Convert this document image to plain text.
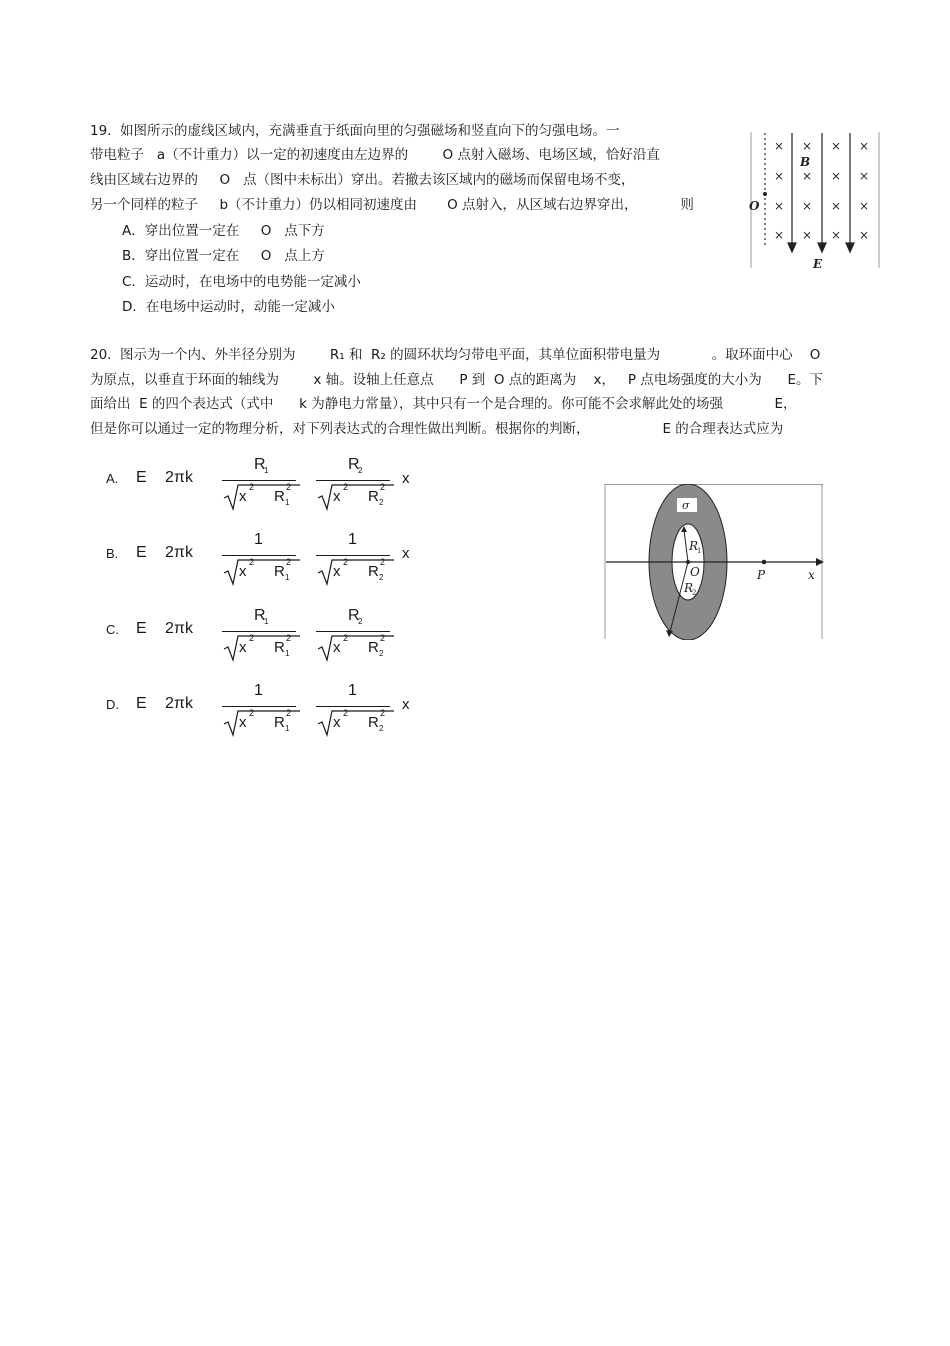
19.  如图所示的虚线区域内，充满垂直于纸面向里的匀强磁场和竖直向下的匀强电场。一
带电粒子   a（不计重力）以一定的初速度由左边界的        O 点射入磁场、电场区域，恰好沿直
线由区域右边界的     O   点（图中未标出）穿出。若撤去该区域内的磁场而保留电场不变，
另一个同样的粒子     b（不计重力）仍以相同初速度由       O 点射入，从区域右边界穿出，          则
A．穿出位置一定在     O   点下方
B．穿出位置一定在     O   点上方
C．运动时，在电场中的电势能一定减小
D．在电场中运动时，动能一定减小
× × × ×
× × × ×
× × × ×
× × × ×
B
O
E
20.  图示为一个内、外半径分别为        R₁ 和  R₂ 的圆环状均匀带电平面，其单位面积带电量为            。取环面中心    O
为原点，以垂直于环面的轴线为        x 轴。设轴上任意点      P 到  O 点的距离为    x，   P 点电场强度的大小为      E。下
面给出  E 的四个表达式（式中      k 为静电力常量），其中只有一个是合理的。你可能不会求解此处的场强            E，
但是你可以通过一定的物理分析，对下列表达式的合理性做出判断。根据你的判断，                 E 的合理表达式应为
A. E 2πk
R
1
x
2
R
2
1
R
2
x
2
R
2
2
x
B. E 2πk
1
x
2
R
2
1
1
x
2
R
2
2
x
C. E 2πk
R
1
x
2
R
2
1
R
2
x
2
R
2
2
D. E 2πk
1
x
2
R
2
1
1
x
2
R
2
2
x
σ
R
1
O
R
2
P	x
